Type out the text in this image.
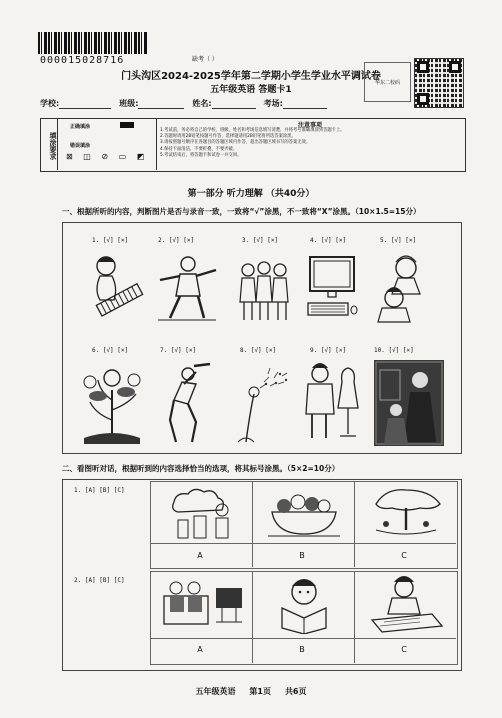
000015028716	缺考（ ）
门头沟区2024-2025学年第二学期小学生学业水平调试卷
五年级英语 答题卡1
华东二校码
学校:	班级:	姓名:	考场:
填涂要求
正确填涂
错误填涂
⊠ ◫ ⊘ ▭ ◩
注意事项
1.考试前，务必将自己的学校、班级、姓名和考场信息填写清楚，并将考号准确填涂到答题卡上。
2.答题时请用2B铅笔按题号作答，选择题请用2B铅笔将所选答案涂黑。
3.请按照题号顺序在各题目的答题区域内作答，超出答题区域书写的答案无效。
4.保持卡面清洁，不要折叠、不要弄破。
5.考试结束后，将答题卡和试卷一并交回。
第一部分 听力理解 （共40分）
一、根据所听的内容，判断图片是否与录音一致，一致将“√”涂黑，不一致将“X”涂黑。（10×1.5=15分）
1. [√] [×]	2. [√] [×]	3. [√] [×]	4. [√] [×]	5. [√] [×]
6. [√] [×]	7. [√] [×]	8. [√] [×]	9. [√] [×]	10. [√] [×]
二、看图听对话，根据听到的内容选择恰当的选项，将其标号涂黑。（5×2=10分）
1. [A] [B] [C]
A	B	C
2. [A] [B] [C]
A	B	C
五年级英语 第1页 共6页
